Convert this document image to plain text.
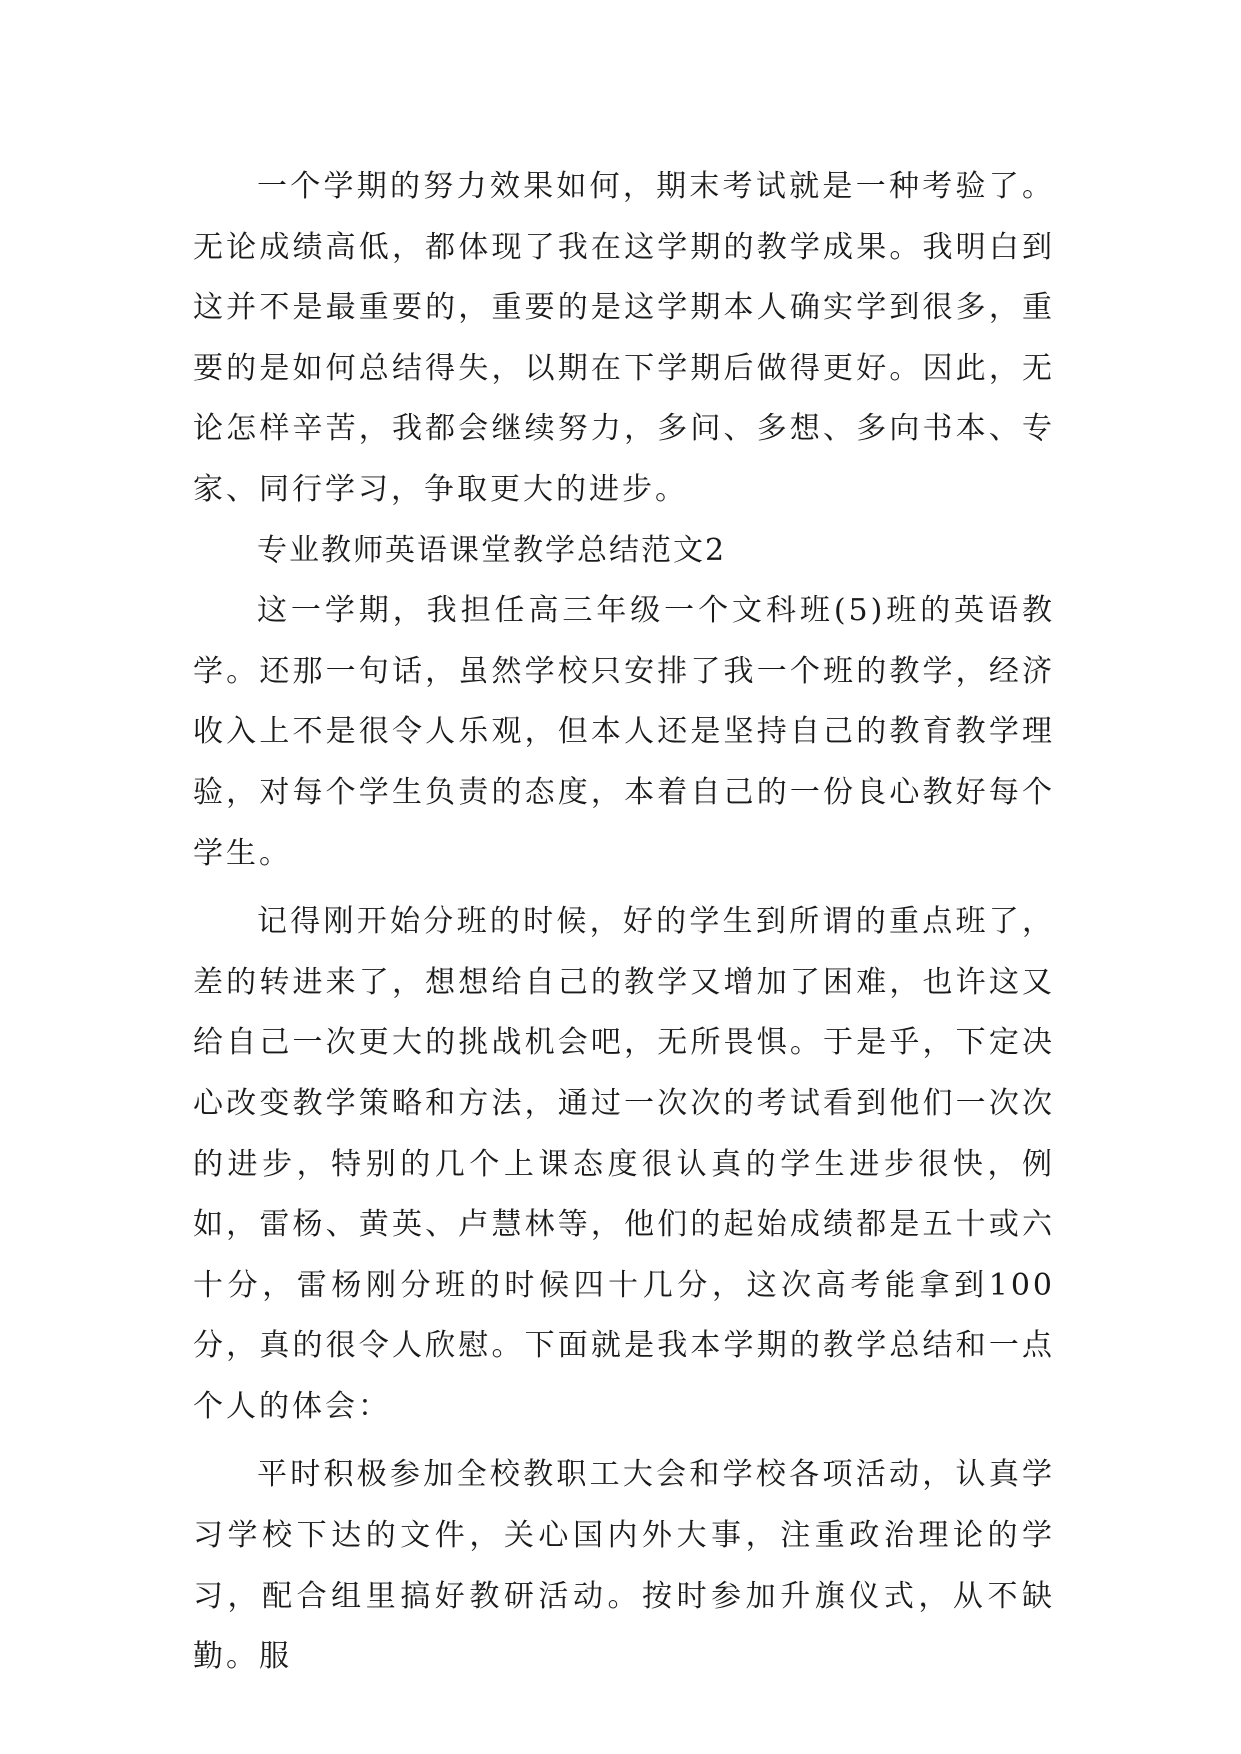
一个学期的努力效果如何，期末考试就是一种考验了。无论成绩高低，都体现了我在这学期的教学成果。我明白到这并不是最重要的，重要的是这学期本人确实学到很多，重要的是如何总结得失，以期在下学期后做得更好。因此，无论怎样辛苦，我都会继续努力，多问、多想、多向书本、专家、同行学习，争取更大的进步。

专业教师英语课堂教学总结范文2

这一学期，我担任高三年级一个文科班(5)班的英语教学。还那一句话，虽然学校只安排了我一个班的教学，经济收入上不是很令人乐观，但本人还是坚持自己的教育教学理验，对每个学生负责的态度，本着自己的一份良心教好每个学生。

记得刚开始分班的时候，好的学生到所谓的重点班了，差的转进来了，想想给自己的教学又增加了困难，也许这又给自己一次更大的挑战机会吧，无所畏惧。于是乎，下定决心改变教学策略和方法，通过一次次的考试看到他们一次次的进步，特别的几个上课态度很认真的学生进步很快，例如，雷杨、黄英、卢慧林等，他们的起始成绩都是五十或六十分，雷杨刚分班的时候四十几分，这次高考能拿到100分，真的很令人欣慰。下面就是我本学期的教学总结和一点个人的体会：

平时积极参加全校教职工大会和学校各项活动，认真学习学校下达的文件，关心国内外大事，注重政治理论的学习，配合组里搞好教研活动。按时参加升旗仪式，从不缺勤。服
